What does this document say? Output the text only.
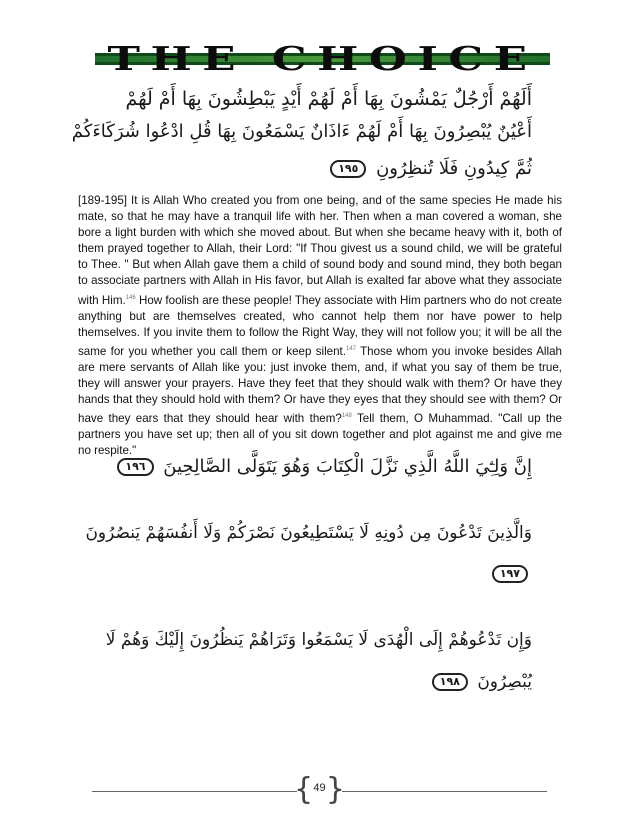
THE CHOICE
أَلَهُمْ أَرْجُلٌ يَمْشُونَ بِهَا أَمْ لَهُمْ أَيْدٍ يَبْطِشُونَ بِهَا أَمْ لَهُمْ
أَعْيُنٌ يُبْصِرُونَ بِهَا أَمْ لَهُمْ ءَاذَانٌ يَسْمَعُونَ بِهَا قُلِ ادْعُوا شُرَكَاءَكُمْ
ثُمَّ كِيدُونِ فَلَا تُنظِرُونِ ١٩٥
[189-195] It is Allah Who created you from one being, and of the same species He made his mate, so that he may have a tranquil life with her. Then when a man covered a woman, she bore a light burden with which she moved about. But when she became heavy with it, both of them prayed together to Allah, their Lord: "If Thou givest us a sound child, we will be grateful to Thee. " But when Allah gave them a child of sound body and sound mind, they both began to associate partners with Allah in His favor, but Allah is exalted far above what they associate with Him.$^{146}$ How foolish are these people! They associate with Him partners who do not create anything but are themselves created, who cannot help them nor have power to help themselves. If you invite them to follow the Right Way, they will not follow you; it will be all the same for you whether you call them or keep silent.$^{147}$ Those whom you invoke besides Allah are mere servants of Allah like you: just invoke them, and, if what you say of them be true, they will answer your prayers. Have they feet that they should walk with them? Or have they hands that they should hold with them? Or have they eyes that they should see with them? Or have they ears that they should hear with them?$^{148}$ Tell them, O Muhammad. "Call up the partners you have set up; then all of you sit down together and plot against me and give me no respite."
إِنَّ وَلِـِّۧيَ اللَّهُ الَّذِي نَزَّلَ الْكِتَابَ وَهُوَ يَتَوَلَّى الصَّالِحِينَ ١٩٦
وَالَّذِينَ تَدْعُونَ مِن دُونِهِ لَا يَسْتَطِيعُونَ نَصْرَكُمْ وَلَا أَنفُسَهُمْ يَنصُرُونَ
١٩٧
وَإِن تَدْعُوهُمْ إِلَى الْهُدَى لَا يَسْمَعُوا وَتَرَاهُمْ يَنظُرُونَ إِلَيْكَ وَهُمْ لَا
يُبْصِرُونَ ١٩٨
{ 49 }
